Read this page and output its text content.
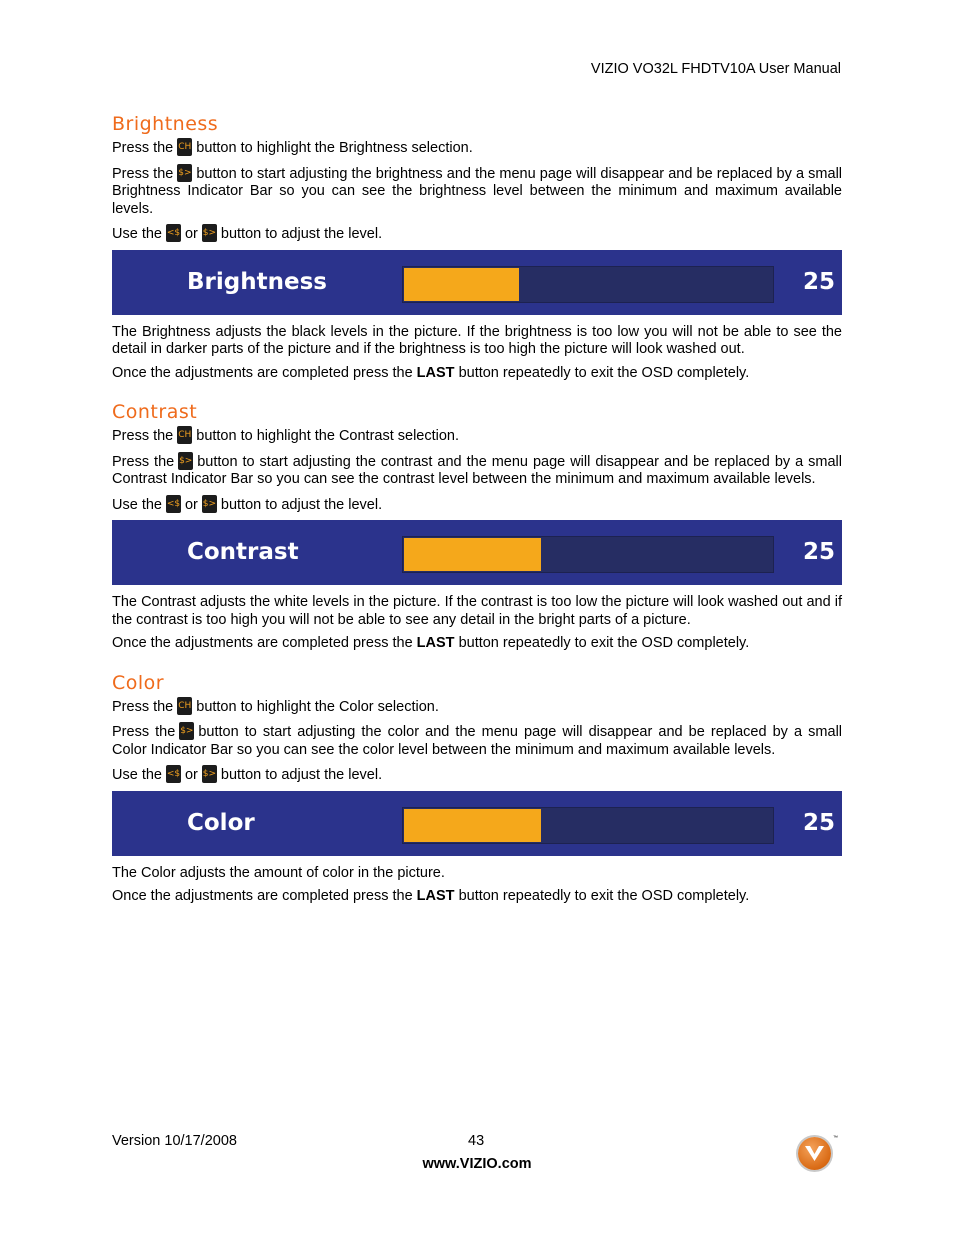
VIZIO VO32L FHDTV10A User Manual
Brightness

Press the CH button to highlight the Brightness selection.

Press the $> button to start adjusting the brightness and the menu page will disappear and be replaced by a small Brightness Indicator Bar so you can see the brightness level between the minimum and maximum available levels.

Use the <$ or $> button to adjust the level.

Brightness	25

The Brightness adjusts the black levels in the picture. If the brightness is too low you will not be able to see the detail in darker parts of the picture and if the brightness is too high the picture will look washed out.

Once the adjustments are completed press the LAST button repeatedly to exit the OSD completely.

Contrast

Press the CH button to highlight the Contrast selection.

Press the $> button to start adjusting the contrast and the menu page will disappear and be replaced by a small Contrast Indicator Bar so you can see the contrast level between the minimum and maximum available levels.

Use the <$ or $> button to adjust the level.

Contrast	25

The Contrast adjusts the white levels in the picture. If the contrast is too low the picture will look washed out and if the contrast is too high you will not be able to see any detail in the bright parts of a picture.

Once the adjustments are completed press the LAST button repeatedly to exit the OSD completely.

Color

Press the CH button to highlight the Color selection.

Press the $> button to start adjusting the color and the menu page will disappear and be replaced by a small Color Indicator Bar so you can see the color level between the minimum and maximum available levels.

Use the <$ or $> button to adjust the level.

Color	25

The Color adjusts the amount of color in the picture.

Once the adjustments are completed press the LAST button repeatedly to exit the OSD completely.

Version 10/17/2008	43
www.VIZIO.com
™
